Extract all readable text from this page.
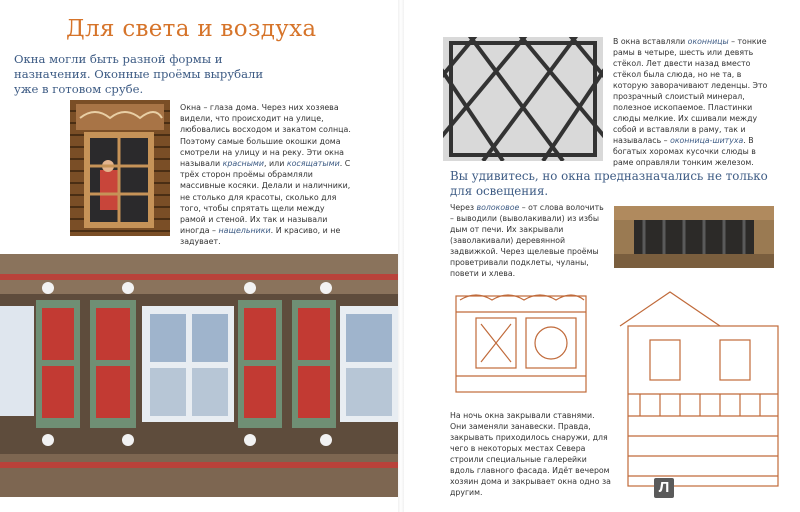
Для света и воздуха
Окна могли быть разной формы и назначения. Оконные проёмы вырубали уже в готовом срубе.
Окна – глаза дома. Через них хозяева видели, что происходит на улице, любовались восходом и закатом солнца. Поэтому самые большие окошки дома смотрели на улицу и на реку. Эти окна называли красными, или косящатыми. С трёх сторон проёмы обрамляли массивные косяки. Делали и наличники, не столько для красоты, сколько для того, чтобы спрятать щели между рамой и стеной. Их так и называли иногда – нащельники. И красиво, и не задувает.
В окна вставляли оконницы – тонкие рамы в четыре, шесть или девять стёкол. Лет двести назад вместо стёкол была слюда, но не та, в которую заворачивают леденцы. Это прозрачный слоистый минерал, полезное ископаемое. Пластинки слюды мелкие. Их сшивали между собой и вставляли в раму, так и называлась – оконница-шитуха. В богатых хоромах кусочки слюды в раме оправляли тонким железом.
Вы удивитесь, но окна предназначались не только для освещения.
Через волоковое – от слова волочить – выводили (выволакивали) из избы дым от печи. Их закрывали (заволакивали) деревянной задвижкой. Через щелевые проёмы проветривали подклеты, чуланы, повети и хлева.
На ночь окна закрывали ставнями. Они заменяли занавески. Правда, закрывать приходилось снаружи, для чего в некоторых местах Севера строили специальные галерейки вдоль главного фасада. Идёт вечером хозяин дома и закрывает окна одно за другим.	Л
